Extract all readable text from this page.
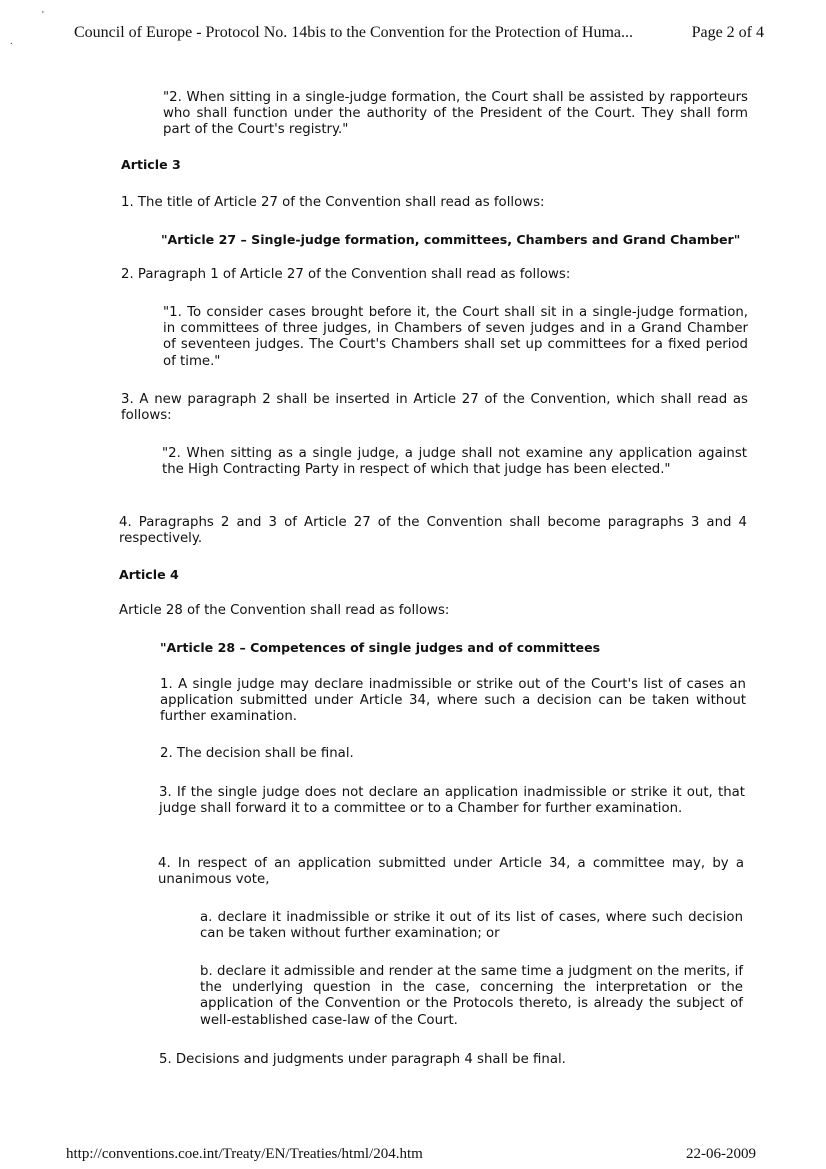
'
.
Council of Europe - Protocol No. 14bis to the Convention for the Protection of Huma...	Page 2 of 4

"2. When sitting in a single-judge formation, the Court shall be assisted by rapporteurs who shall function under the authority of the President of the Court. They shall form part of the Court's registry."

Article 3

1. The title of Article 27 of the Convention shall read as follows:

"Article 27 – Single-judge formation, committees, Chambers and Grand Chamber"

2. Paragraph 1 of Article 27 of the Convention shall read as follows:

"1. To consider cases brought before it, the Court shall sit in a single-judge formation, in committees of three judges, in Chambers of seven judges and in a Grand Chamber of seventeen judges. The Court's Chambers shall set up committees for a fixed period of time."

3. A new paragraph 2 shall be inserted in Article 27 of the Convention, which shall read as follows:

"2. When sitting as a single judge, a judge shall not examine any application against the High Contracting Party in respect of which that judge has been elected."

4. Paragraphs 2 and 3 of Article 27 of the Convention shall become paragraphs 3 and 4 respectively.

Article 4

Article 28 of the Convention shall read as follows:

"Article 28 – Competences of single judges and of committees

1. A single judge may declare inadmissible or strike out of the Court's list of cases an application submitted under Article 34, where such a decision can be taken without further examination.

2. The decision shall be final.

3. If the single judge does not declare an application inadmissible or strike it out, that judge shall forward it to a committee or to a Chamber for further examination.

4. In respect of an application submitted under Article 34, a committee may, by a unanimous vote,

a. declare it inadmissible or strike it out of its list of cases, where such decision can be taken without further examination; or

b. declare it admissible and render at the same time a judgment on the merits, if the underlying question in the case, concerning the interpretation or the application of the Convention or the Protocols thereto, is already the subject of well-established case-law of the Court.

5. Decisions and judgments under paragraph 4 shall be final.

http://conventions.coe.int/Treaty/EN/Treaties/html/204.htm	22-06-2009
